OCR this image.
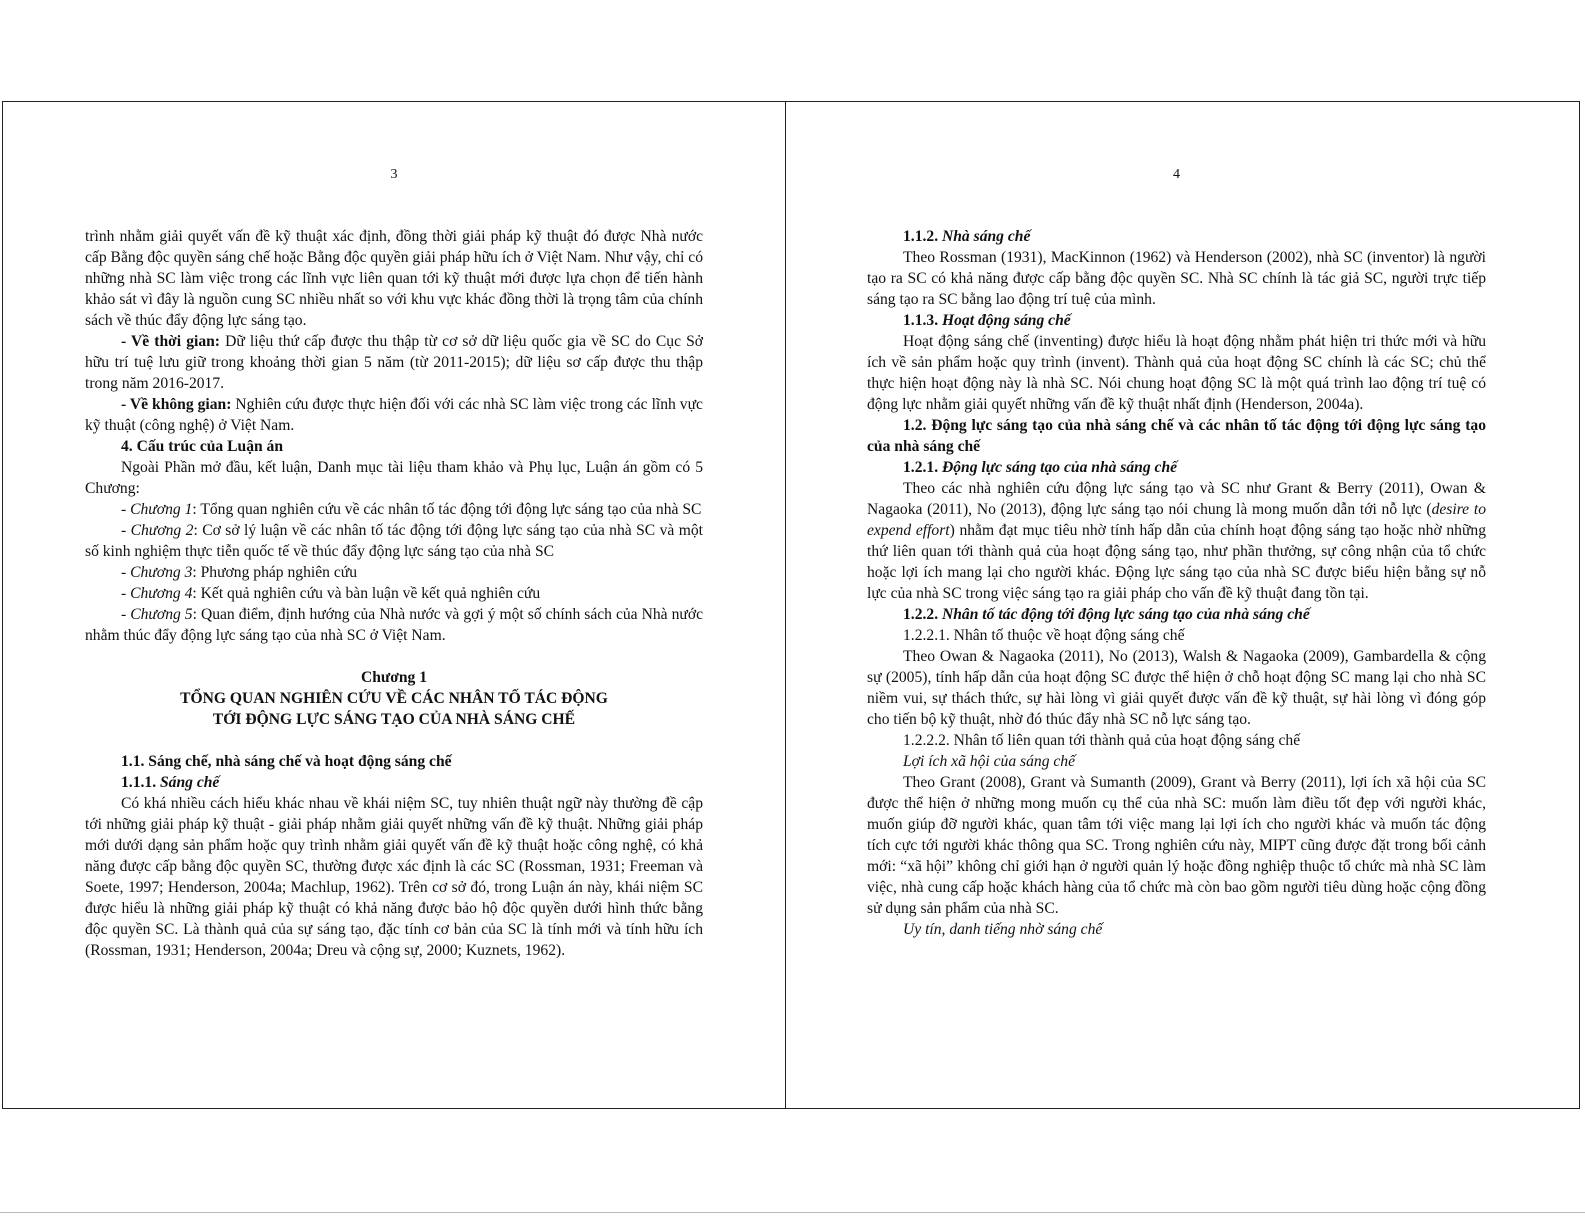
3

trình nhằm giải quyết vấn đề kỹ thuật xác định, đồng thời giải pháp kỹ thuật đó được Nhà nước cấp Bằng độc quyền sáng chế hoặc Bằng độc quyền giải pháp hữu ích ở Việt Nam. Như vậy, chỉ có những nhà SC làm việc trong các lĩnh vực liên quan tới kỹ thuật mới được lựa chọn để tiến hành khảo sát vì đây là nguồn cung SC nhiều nhất so với khu vực khác đồng thời là trọng tâm của chính sách về thúc đẩy động lực sáng tạo.

- Về thời gian: Dữ liệu thứ cấp được thu thập từ cơ sở dữ liệu quốc gia về SC do Cục Sở hữu trí tuệ lưu giữ trong khoảng thời gian 5 năm (từ 2011-2015); dữ liệu sơ cấp được thu thập trong năm 2016-2017.

- Về không gian: Nghiên cứu được thực hiện đối với các nhà SC làm việc trong các lĩnh vực kỹ thuật (công nghệ) ở Việt Nam.

4. Cấu trúc của Luận án

Ngoài Phần mở đầu, kết luận, Danh mục tài liệu tham khảo và Phụ lục, Luận án gồm có 5 Chương:

- Chương 1: Tổng quan nghiên cứu về các nhân tố tác động tới động lực sáng tạo của nhà SC

- Chương 2: Cơ sở lý luận về các nhân tố tác động tới động lực sáng tạo của nhà SC và một số kinh nghiệm thực tiễn quốc tế về thúc đẩy động lực sáng tạo của nhà SC

- Chương 3: Phương pháp nghiên cứu

- Chương 4: Kết quả nghiên cứu và bàn luận về kết quả nghiên cứu

- Chương 5: Quan điểm, định hướng của Nhà nước và gợi ý một số chính sách của Nhà nước nhằm thúc đẩy động lực sáng tạo của nhà SC ở Việt Nam.

Chương 1

TỔNG QUAN NGHIÊN CỨU VỀ CÁC NHÂN TỐ TÁC ĐỘNG

TỚI ĐỘNG LỰC SÁNG TẠO CỦA NHÀ SÁNG CHẾ

1.1. Sáng chế, nhà sáng chế và hoạt động sáng chế

1.1.1. Sáng chế

Có khá nhiều cách hiểu khác nhau về khái niệm SC, tuy nhiên thuật ngữ này thường đề cập tới những giải pháp kỹ thuật - giải pháp nhằm giải quyết những vấn đề kỹ thuật. Những giải pháp mới dưới dạng sản phẩm hoặc quy trình nhằm giải quyết vấn đề kỹ thuật hoặc công nghệ, có khả năng được cấp bằng độc quyền SC, thường được xác định là các SC (Rossman, 1931; Freeman và Soete, 1997; Henderson, 2004a; Machlup, 1962). Trên cơ sở đó, trong Luận án này, khái niệm SC được hiểu là những giải pháp kỹ thuật có khả năng được bảo hộ độc quyền dưới hình thức bằng độc quyền SC. Là thành quả của sự sáng tạo, đặc tính cơ bản của SC là tính mới và tính hữu ích (Rossman, 1931; Henderson, 2004a; Dreu và cộng sự, 2000; Kuznets, 1962).

4

1.1.2. Nhà sáng chế

Theo Rossman (1931), MacKinnon (1962) và Henderson (2002), nhà SC (inventor) là người tạo ra SC có khả năng được cấp bằng độc quyền SC. Nhà SC chính là tác giả SC, người trực tiếp sáng tạo ra SC bằng lao động trí tuệ của mình.

1.1.3. Hoạt động sáng chế

Hoạt động sáng chế (inventing) được hiểu là hoạt động nhằm phát hiện tri thức mới và hữu ích về sản phẩm hoặc quy trình (invent). Thành quả của hoạt động SC chính là các SC; chủ thể thực hiện hoạt động này là nhà SC. Nói chung hoạt động SC là một quá trình lao động trí tuệ có động lực nhằm giải quyết những vấn đề kỹ thuật nhất định (Henderson, 2004a).

1.2. Động lực sáng tạo của nhà sáng chế và các nhân tố tác động tới động lực sáng tạo của nhà sáng chế

1.2.1. Động lực sáng tạo của nhà sáng chế

Theo các nhà nghiên cứu động lực sáng tạo và SC như Grant & Berry (2011), Owan & Nagaoka (2011), No (2013), động lực sáng tạo nói chung là mong muốn dẫn tới nỗ lực (desire to expend effort) nhằm đạt mục tiêu nhờ tính hấp dẫn của chính hoạt động sáng tạo hoặc nhờ những thứ liên quan tới thành quả của hoạt động sáng tạo, như phần thưởng, sự công nhận của tổ chức hoặc lợi ích mang lại cho người khác. Động lực sáng tạo của nhà SC được biểu hiện bằng sự nỗ lực của nhà SC trong việc sáng tạo ra giải pháp cho vấn đề kỹ thuật đang tồn tại.

1.2.2. Nhân tố tác động tới động lực sáng tạo của nhà sáng chế

1.2.2.1. Nhân tố thuộc về hoạt động sáng chế

Theo Owan & Nagaoka (2011), No (2013), Walsh & Nagaoka (2009), Gambardella & cộng sự (2005), tính hấp dẫn của hoạt động SC được thể hiện ở chỗ hoạt động SC mang lại cho nhà SC niềm vui, sự thách thức, sự hài lòng vì giải quyết được vấn đề kỹ thuật, sự hài lòng vì đóng góp cho tiến bộ kỹ thuật, nhờ đó thúc đẩy nhà SC nỗ lực sáng tạo.

1.2.2.2. Nhân tố liên quan tới thành quả của hoạt động sáng chế

Lợi ích xã hội của sáng chế

Theo Grant (2008), Grant và Sumanth (2009), Grant và Berry (2011), lợi ích xã hội của SC được thể hiện ở những mong muốn cụ thể của nhà SC: muốn làm điều tốt đẹp với người khác, muốn giúp đỡ người khác, quan tâm tới việc mang lại lợi ích cho người khác và muốn tác động tích cực tới người khác thông qua SC. Trong nghiên cứu này, MIPT cũng được đặt trong bối cảnh mới: “xã hội” không chỉ giới hạn ở người quản lý hoặc đồng nghiệp thuộc tổ chức mà nhà SC làm việc, nhà cung cấp hoặc khách hàng của tổ chức mà còn bao gồm người tiêu dùng hoặc cộng đồng sử dụng sản phẩm của nhà SC.

Uy tín, danh tiếng nhờ sáng chế
